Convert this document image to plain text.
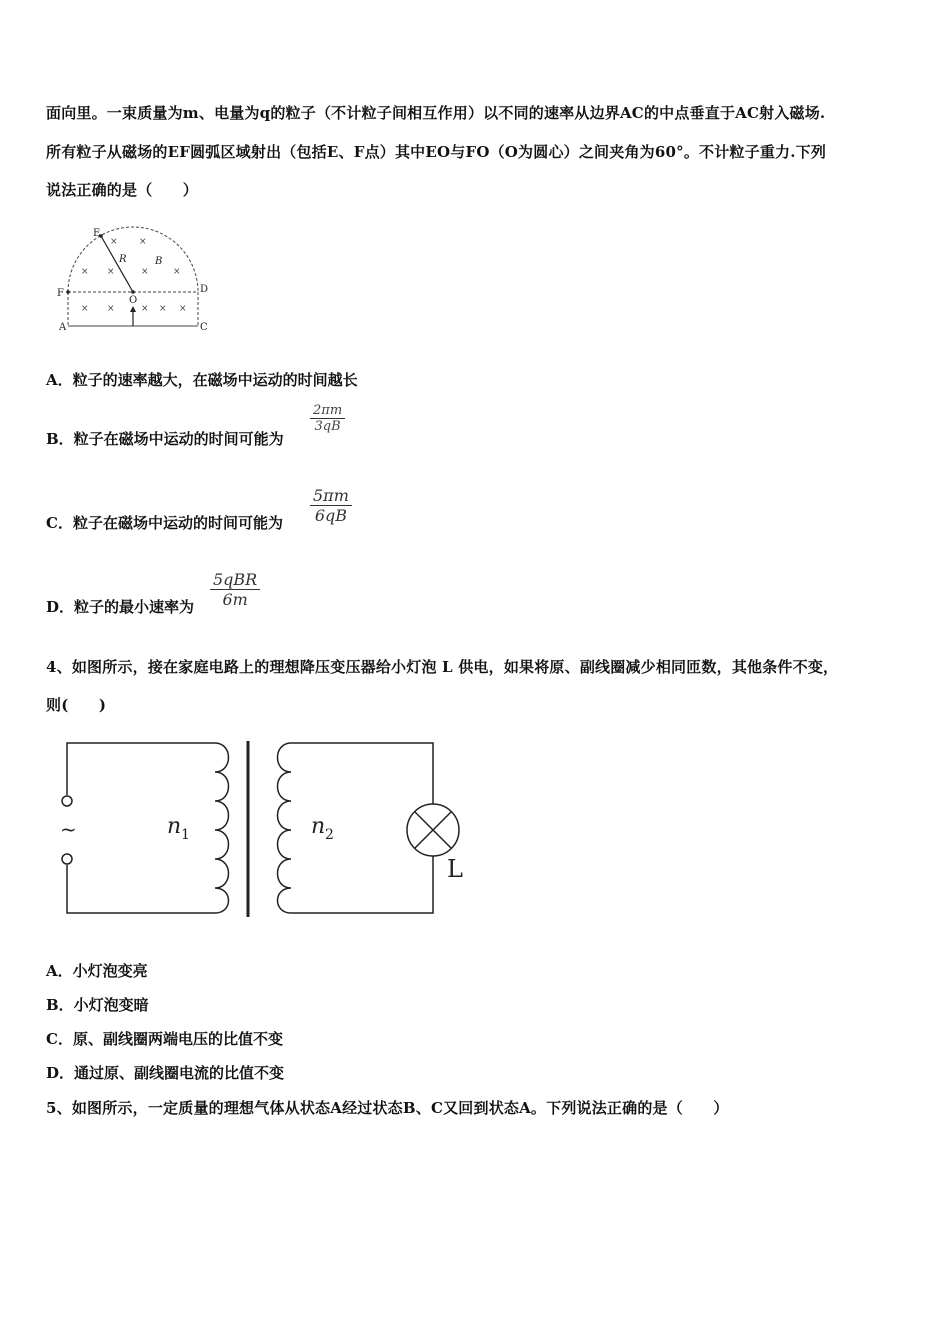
面向里。一束质量为m、电量为q的粒子（不计粒子间相互作用）以不同的速率从边界AC的中点垂直于AC射入磁场.
所有粒子从磁场的EF圆弧区域射出（包括E、F点）其中EO与FO（O为圆心）之间夹角为60°。不计粒子重力.下列
说法正确的是（　　）
× ×
× ×	×	×
× ×	× × ×
E
F	D
O
A	C
R	B
A．粒子的速率越大，在磁场中运动的时间越长
B．粒子在磁场中运动的时间可能为
2πm
3qB
C．粒子在磁场中运动的时间可能为
5πm
6qB
D．粒子的最小速率为
5qBR
6m
4、如图所示，接在家庭电路上的理想降压变压器给小灯泡 L 供电，如果将原、副线圈减少相同匝数，其他条件不变，
则(　　)
~	n 1	n 2
L
A．小灯泡变亮
B．小灯泡变暗
C．原、副线圈两端电压的比值不变
D．通过原、副线圈电流的比值不变
5、如图所示，一定质量的理想气体从状态A经过状态B、C又回到状态A。下列说法正确的是（　　）
